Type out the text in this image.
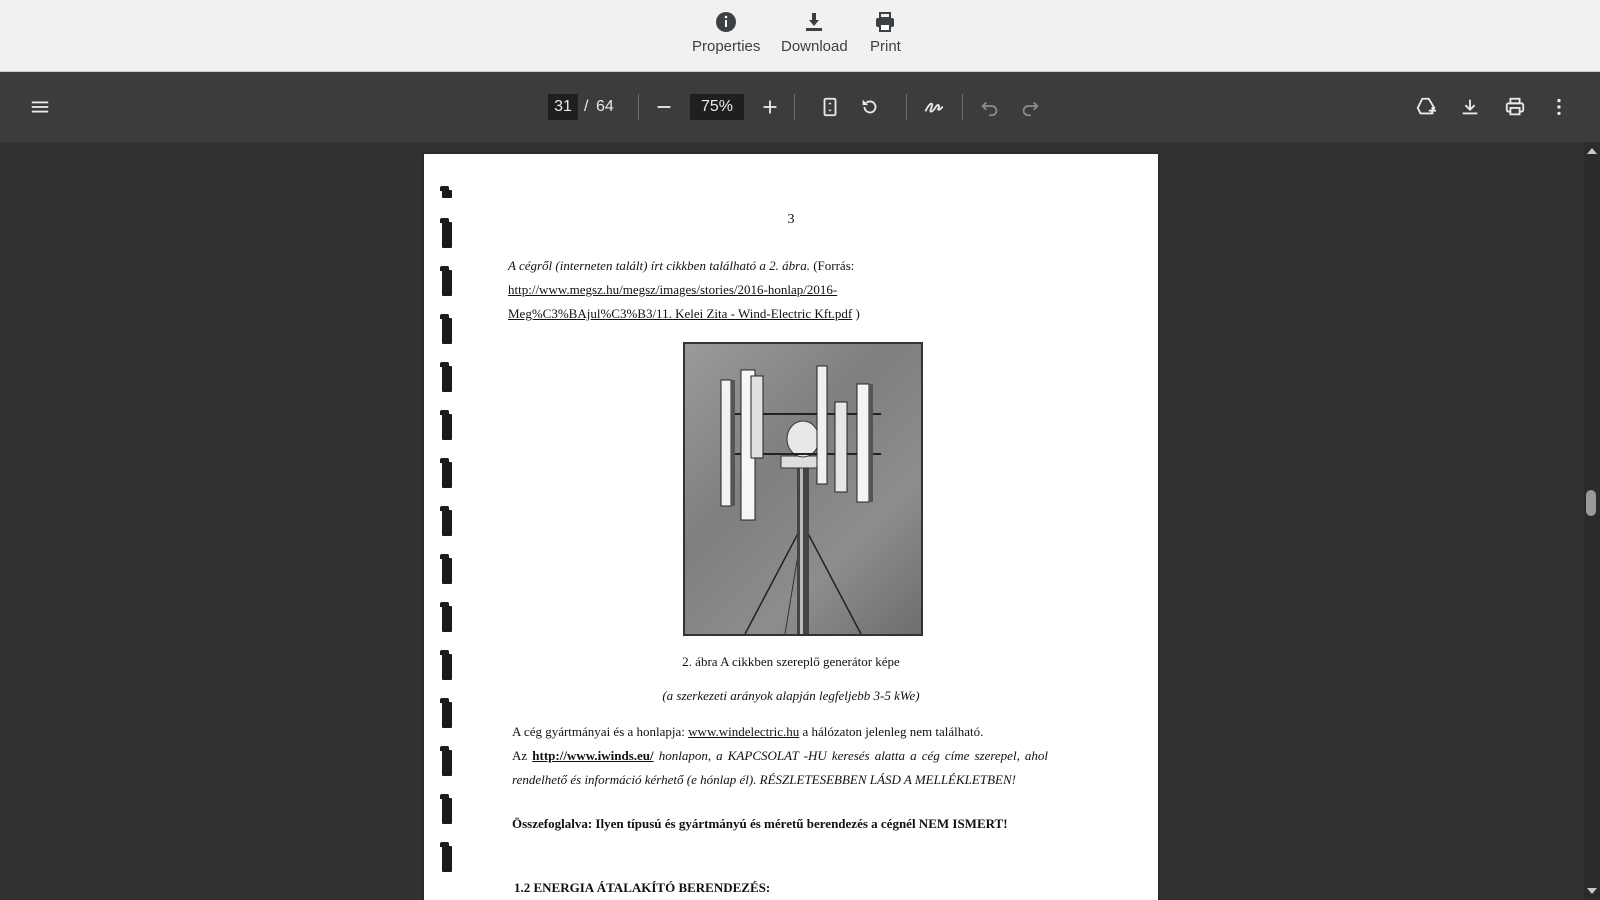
Properties Download Print
31 / 64	75%
3
A cégről (interneten talált) írt cikkben található a 2. ábra. (Forrás:
http://www.megsz.hu/megsz/images/stories/2016-honlap/2016-
Meg%C3%BAjul%C3%B3/11. Kelei Zita - Wind-Electric Kft.pdf )
2. ábra A cikkben szereplő generátor képe
(a szerkezeti arányok alapján legfeljebb 3-5 kWe)
A cég gyártmányai és a honlapja: www.windelectric.hu a hálózaton jelenleg nem található.
Az http://www.iwinds.eu/ honlapon, a KAPCSOLAT -HU keresés alatta a cég címe szerepel, ahol rendelhető és információ kérhető (e hónlap él). RÉSZLETESEBBEN LÁSD A MELLÉKLETBEN!
Összefoglalva: Ilyen típusú és gyártmányú és méretű berendezés a cégnél NEM ISMERT!
1.2 ENERGIA ÁTALAKÍTÓ BERENDEZÉS:
